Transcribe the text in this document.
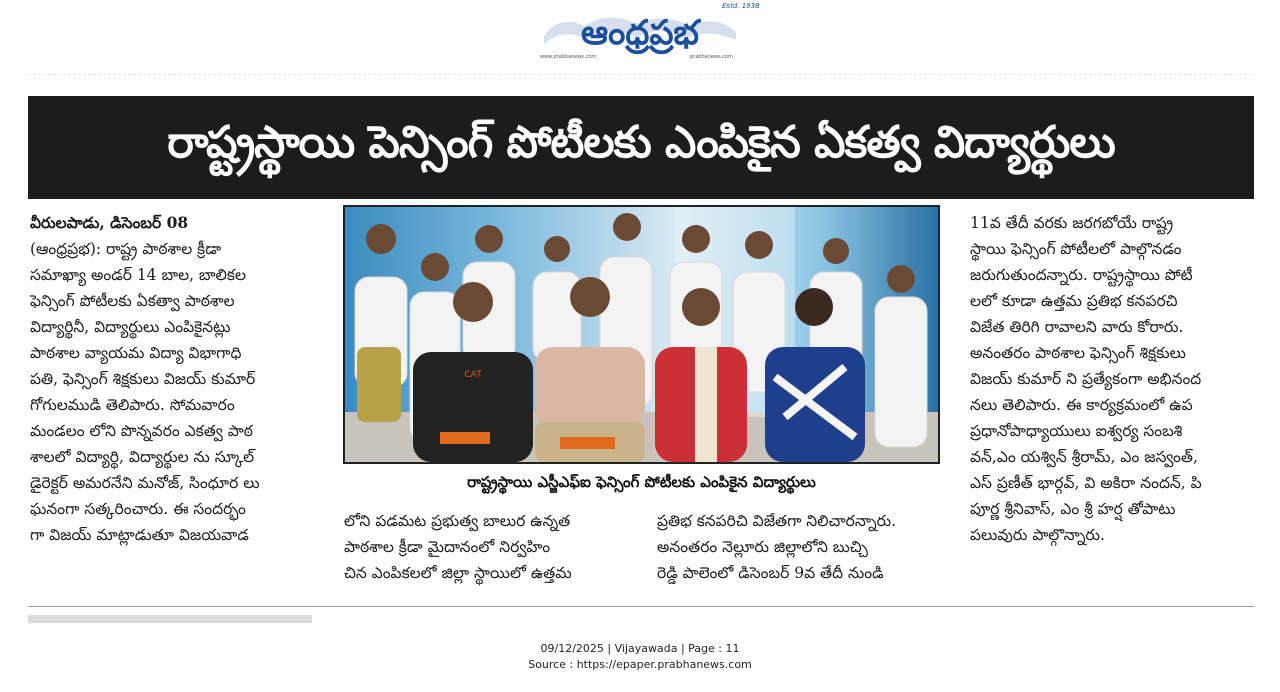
ఆంధ్రప్రభ
Estd. 1938
www.prabhanews.com	prabhanews.com
రాష్ట్రస్థాయి పెన్సింగ్ పోటీలకు ఎంపికైన ఏకత్వ విద్యార్థులు

వీరులపాడు, డిసెంబర్ 08

(ఆంధ్రప్రభ): రాష్ట్ర పాఠశాల క్రీడా

సమాఖ్యా అండర్ 14 బాల, బాలికల

ఫెన్సింగ్ పోటీలకు ఏకత్వా పాఠశాల

విద్యార్థినీ, విద్యార్థులు ఎంపికైనట్లు

పాఠశాల వ్యాయమ విద్యా విభాగాధి

పతి, ఫెన్సింగ్ శిక్షకులు విజయ్ కుమార్

గోగులముడి తెలిపారు. సోమవారం

మండలం లోని పొన్నవరం ఎకత్వ పాఠ

శాలలో విద్యార్థి, విద్యార్థుల ను స్కూల్

డైరెక్టర్ అమరనేని మనోజ్, సింధూర లు

ఘనంగా సత్కరించారు. ఈ సందర్భం

గా విజయ్ మాట్లాడుతూ విజయవాడ

CAT
రాష్ట్రస్థాయి ఎస్జీఎఫ్ఐ ఫెన్సింగ్ పోటీలకు ఎంపికైన విద్యార్థులు

లోని పడమట ప్రభుత్వ బాలుర ఉన్నత

పాఠశాల క్రీడా మైదానంలో నిర్వహిం

చిన ఎంపికలలో జిల్లా స్థాయిలో ఉత్తమ

ప్రతిభ కనపరిచి విజేతగా నిలిచారన్నారు.

అనంతరం నెల్లూరు జిల్లాలోని బుచ్చి

రెడ్డి పాలెంలో డిసెంబర్ 9వ తేదీ నుండి

11వ తేదీ వరకు జరగబోయే రాష్ట్ర

స్థాయి ఫెన్సింగ్ పోటీలలో పాల్గొనడం

జరుగుతుందన్నారు. రాష్ట్రస్థాయి పోటీ

లలో కూడా ఉత్తమ ప్రతిభ కనపరచి

విజేత తిరిగి రావాలని వారు కోరారు.

అనంతరం పాఠశాల ఫెన్సింగ్ శిక్షకులు

విజయ్ కుమార్ ని ప్రత్యేకంగా అభినంద

నలు తెలిపారు. ఈ కార్యక్రమంలో ఉప

ప్రధానోపాధ్యాయులు ఐశ్వర్య సంబశి

వన్,ఎం యశ్విన్ శ్రీరామ్, ఎం జస్వంత్,

ఎస్ ప్రణీత్ భార్గవ్, వి అకిరా నందన్, పి

పూర్ణ శ్రీనివాస్, ఎం శ్రీ హర్ష తోపాటు

పలువురు పాల్గొన్నారు.

09/12/2025 | Vijayawada | Page : 11
Source : https://epaper.prabhanews.com
